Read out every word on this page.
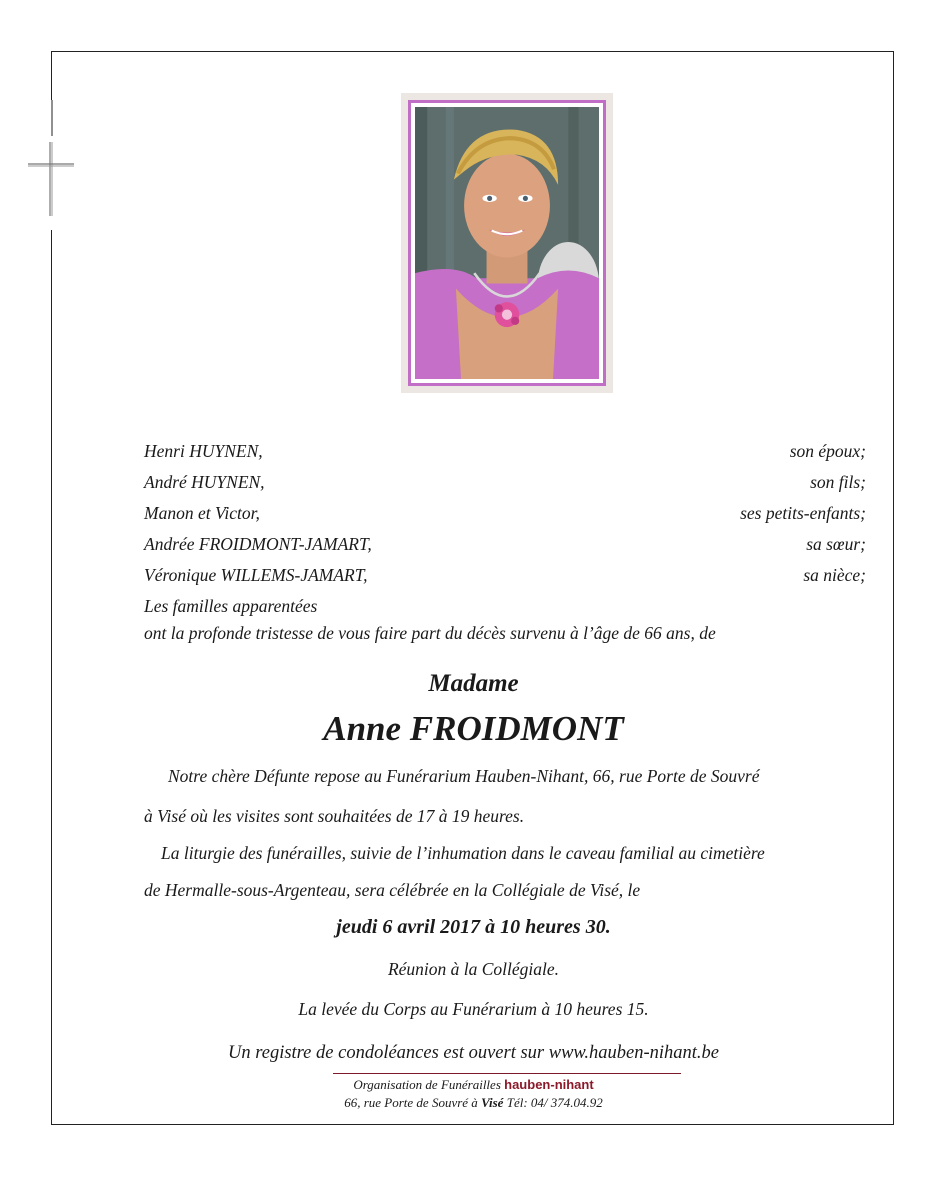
Henri HUYNEN,	son époux;
André HUYNEN,	son fils;
Manon et Victor,	ses petits-enfants;
Andrée FROIDMONT-JAMART,	sa sœur;
Véronique WILLEMS-JAMART,	sa nièce;
Les familles apparentées
ont la profonde tristesse de vous faire part du décès survenu à l’âge de 66 ans, de
Madame
Anne FROIDMONT
Notre chère Défunte repose au Funérarium Hauben-Nihant, 66, rue Porte de Souvré
à Visé où les visites sont souhaitées de 17 à 19 heures.
La liturgie des funérailles, suivie de l’inhumation dans le caveau familial au cimetière
de Hermalle-sous-Argenteau, sera célébrée en la Collégiale de Visé, le
jeudi 6 avril 2017 à 10 heures 30.
Réunion à la Collégiale.
La levée du Corps au Funérarium à 10 heures 15.
Un registre de condoléances est ouvert sur www.hauben-nihant.be
Organisation de Funérailles hauben-nihant
66, rue Porte de Souvré à Visé Tél: 04/ 374.04.92
